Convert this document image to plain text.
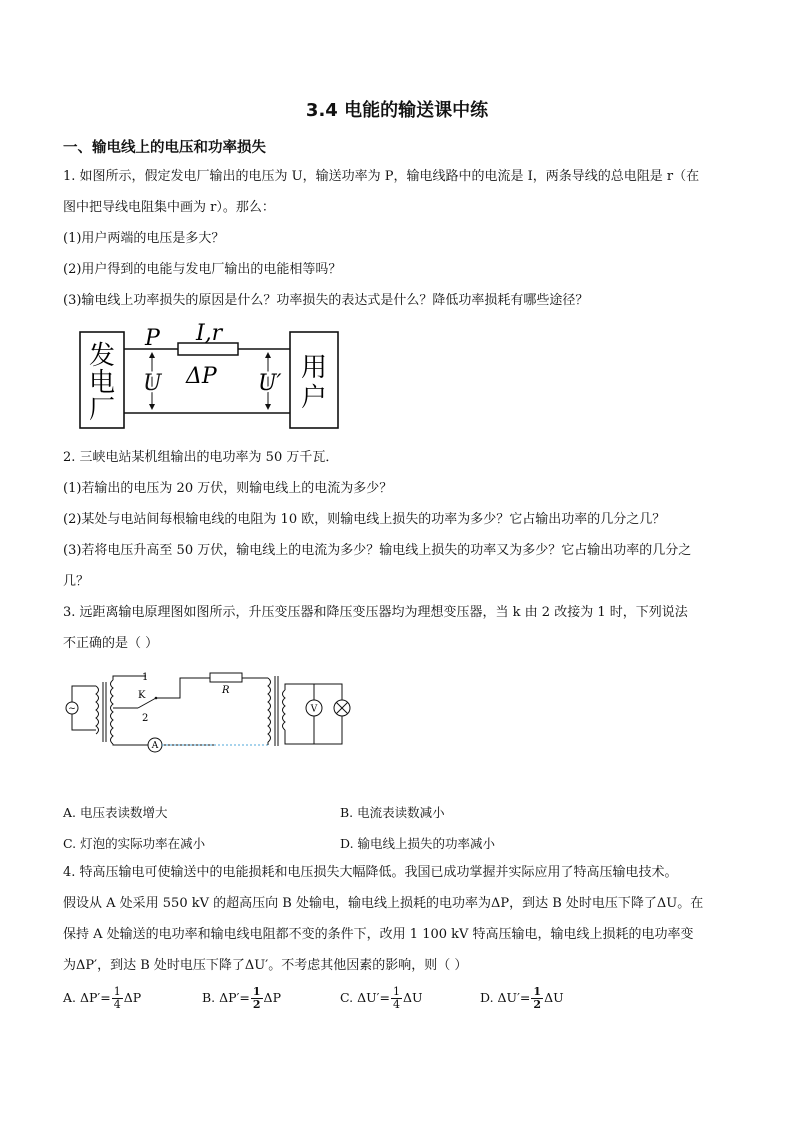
3.4 电能的输送课中练
一、输电线上的电压和功率损失
1. 如图所示，假定发电厂输出的电压为 U，输送功率为 P，输电线路中的电流是 I，两条导线的总电阻是 r（在
图中把导线电阻集中画为 r）。那么：
(1)用户两端的电压是多大？
(2)用户得到的电能与发电厂输出的电能相等吗？
(3)输电线上功率损失的原因是什么？功率损失的表达式是什么？降低功率损耗有哪些途径？
发
电
厂
用
户
P
U
I,r
ΔP U′
2. 三峡电站某机组输出的电功率为 50 万千瓦．
(1)若输出的电压为 20 万伏，则输电线上的电流为多少？
(2)某处与电站间每根输电线的电阻为 10 欧，则输电线上损失的功率为多少？它占输出功率的几分之几？
(3)若将电压升高至 50 万伏，输电线上的电流为多少？输电线上损失的功率又为多少？它占输出功率的几分之
几？
3. 远距离输电原理图如图所示，升压变压器和降压变压器均为理想变压器，当 k 由 2 改接为 1 时，下列说法
不正确的是（ ）
~
1
K
2
R
A
V
A. 电压表读数增大	B. 电流表读数减小
C. 灯泡的实际功率在减小	D. 输电线上损失的功率减小
4. 特高压输电可使输送中的电能损耗和电压损失大幅降低。我国已成功掌握并实际应用了特高压输电技术。
假设从 A 处采用 550 kV 的超高压向 B 处输电，输电线上损耗的电功率为ΔP，到达 B 处时电压下降了ΔU。在
保持 A 处输送的电功率和输电线电阻都不变的条件下，改用 1 100 kV 特高压输电，输电线上损耗的电功率变
为ΔP′，到达 B 处时电压下降了ΔU′。不考虑其他因素的影响，则（ ）
A. $\Delta P'= \frac{1}{4}$ ΔP	B. $\Delta P'= \frac{1}{2}$ ΔP	C. $\Delta U'= \frac{1}{4}$ ΔU	D. $\Delta U'= \frac{1}{2}$ ΔU
